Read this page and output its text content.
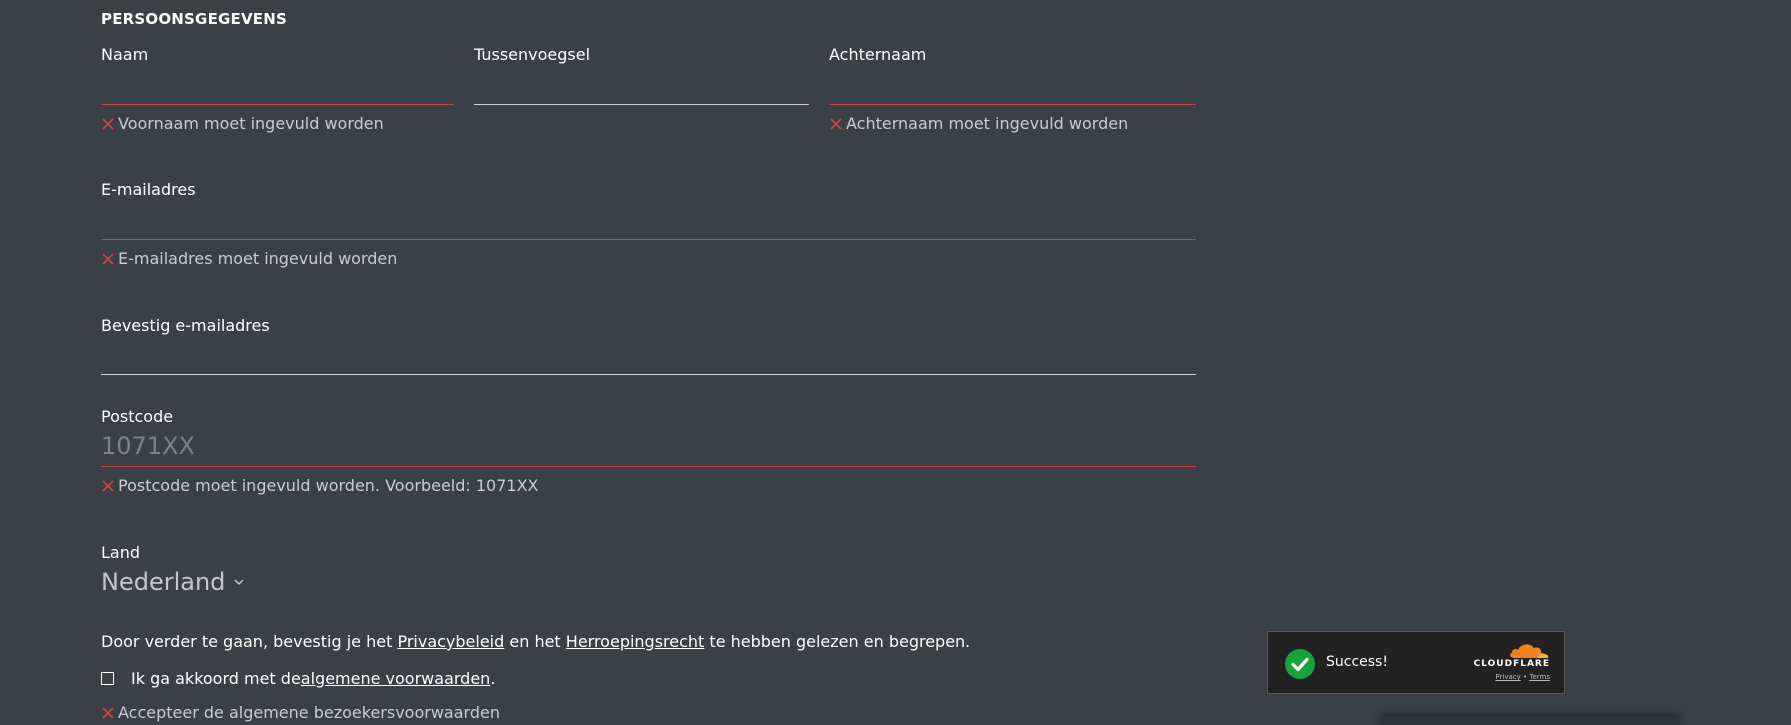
PERSOONSGEGEVENS
Naam
Voornaam moet ingevuld worden
Tussenvoegsel	Achternaam
Achternaam moet ingevuld worden
E-mailadres
E-mailadres moet ingevuld worden
Bevestig e-mailadres
Postcode
1071XX
Postcode moet ingevuld worden. Voorbeeld: 1071XX
Land
Nederland
Door verder te gaan, bevestig je het Privacybeleid en het Herroepingsrecht te hebben gelezen en begrepen.
Ik ga akkoord met de algemene voorwaarden .
Accepteer de algemene bezoekersvoorwaarden
Success!	CLOUDFLARE
Privacy • Terms
